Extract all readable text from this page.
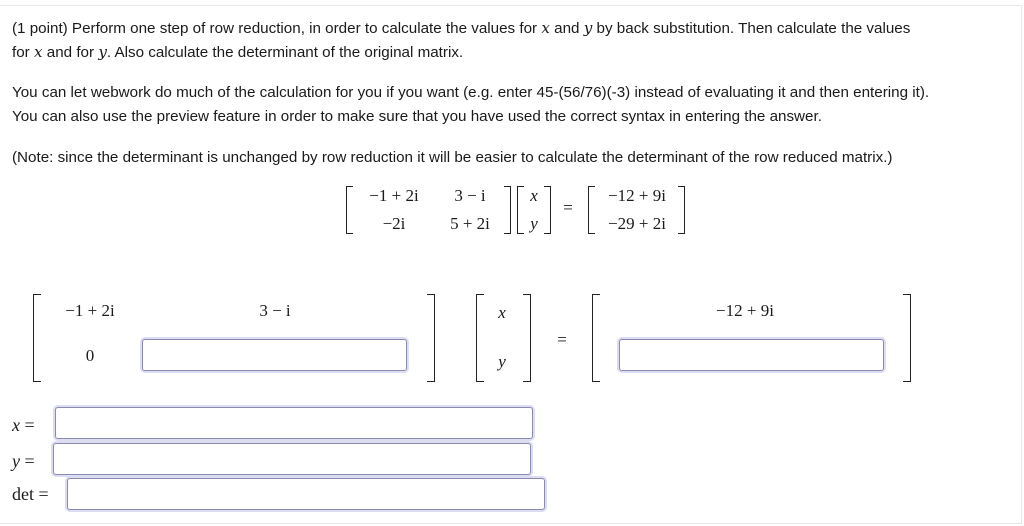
(1 point) Perform one step of row reduction, in order to calculate the values for x and y by back substitution. Then calculate the values

for x and for y. Also calculate the determinant of the original matrix.

You can let webwork do much of the calculation for you if you want (e.g. enter 45-(56/76)(-3) instead of evaluating it and then entering it).

You can also use the preview feature in order to make sure that you have used the correct syntax in entering the answer.

(Note: since the determinant is unchanged by row reduction it will be easier to calculate the determinant of the row reduced matrix.)

−1 + 2i	3 − i
−2i	5 + 2i
x
y
=
−12 + 9i
−29 + 2i
−1 + 2i	3 − i
0
x
y
=
−12 + 9i
x =
y =
det =
